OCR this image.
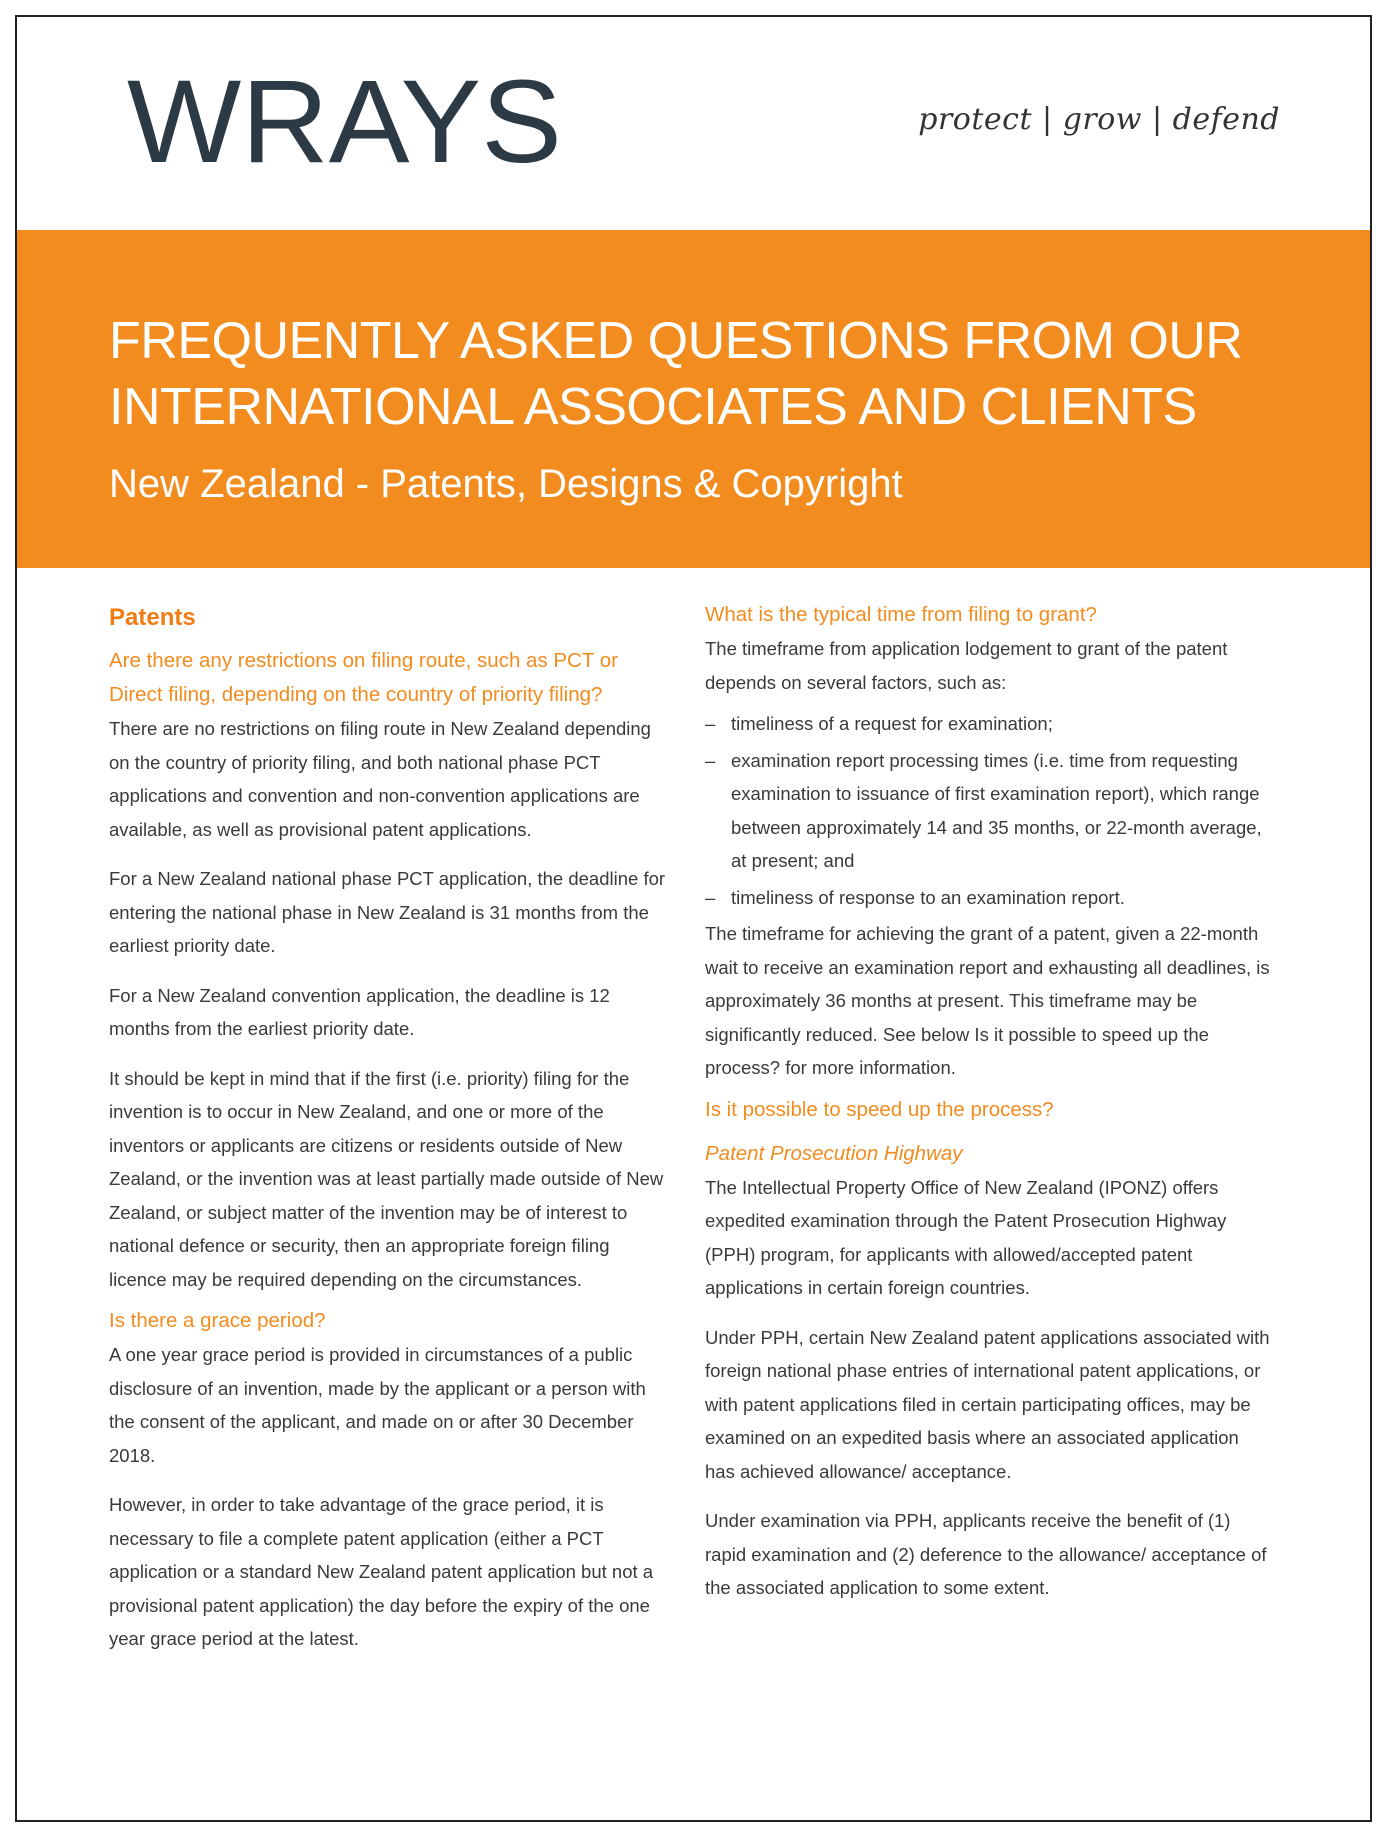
WRAYS	protect | grow | defend
FREQUENTLY ASKED QUESTIONS FROM OUR
INTERNATIONAL ASSOCIATES AND CLIENTS
New Zealand - Patents, Designs & Copyright
Patents
Are there any restrictions on filing route, such as PCT or Direct filing, depending on the country of priority filing?

There are no restrictions on filing route in New Zealand depending on the country of priority filing, and both national phase PCT applications and convention and non-convention applications are available, as well as provisional patent applications.

For a New Zealand national phase PCT application, the deadline for entering the national phase in New Zealand is 31 months from the earliest priority date.

For a New Zealand convention application, the deadline is 12 months from the earliest priority date.

It should be kept in mind that if the first (i.e. priority) filing for the invention is to occur in New Zealand, and one or more of the inventors or applicants are citizens or residents outside of New Zealand, or the invention was at least partially made outside of New Zealand, or subject matter of the invention may be of interest to national defence or security, then an appropriate foreign filing licence may be required depending on the circumstances.

Is there a grace period?

A one year grace period is provided in circumstances of a public disclosure of an invention, made by the applicant or a person with the consent of the applicant, and made on or after 30 December 2018.

However, in order to take advantage of the grace period, it is necessary to file a complete patent application (either a PCT application or a standard New Zealand patent application but not a provisional patent application) the day before the expiry of the one year grace period at the latest.

What is the typical time from filing to grant?

The timeframe from application lodgement to grant of the patent depends on several factors, such as:

– timeliness of a request for examination;
– examination report processing times (i.e. time from requesting examination to issuance of first examination report), which range between approximately 14 and 35 months, or 22-month average, at present; and
– timeliness of response to an examination report.

The timeframe for achieving the grant of a patent, given a 22-month wait to receive an examination report and exhausting all deadlines, is approximately 36 months at present. This timeframe may be significantly reduced. See below Is it possible to speed up the process? for more information.

Is it possible to speed up the process?
Patent Prosecution Highway

The Intellectual Property Office of New Zealand (IPONZ) offers expedited examination through the Patent Prosecution Highway (PPH) program, for applicants with allowed/accepted patent applications in certain foreign countries.

Under PPH, certain New Zealand patent applications associated with foreign national phase entries of international patent applications, or with patent applications filed in certain participating offices, may be examined on an expedited basis where an associated application has achieved allowance/ acceptance.

Under examination via PPH, applicants receive the benefit of (1) rapid examination and (2) deference to the allowance/ acceptance of the associated application to some extent.
